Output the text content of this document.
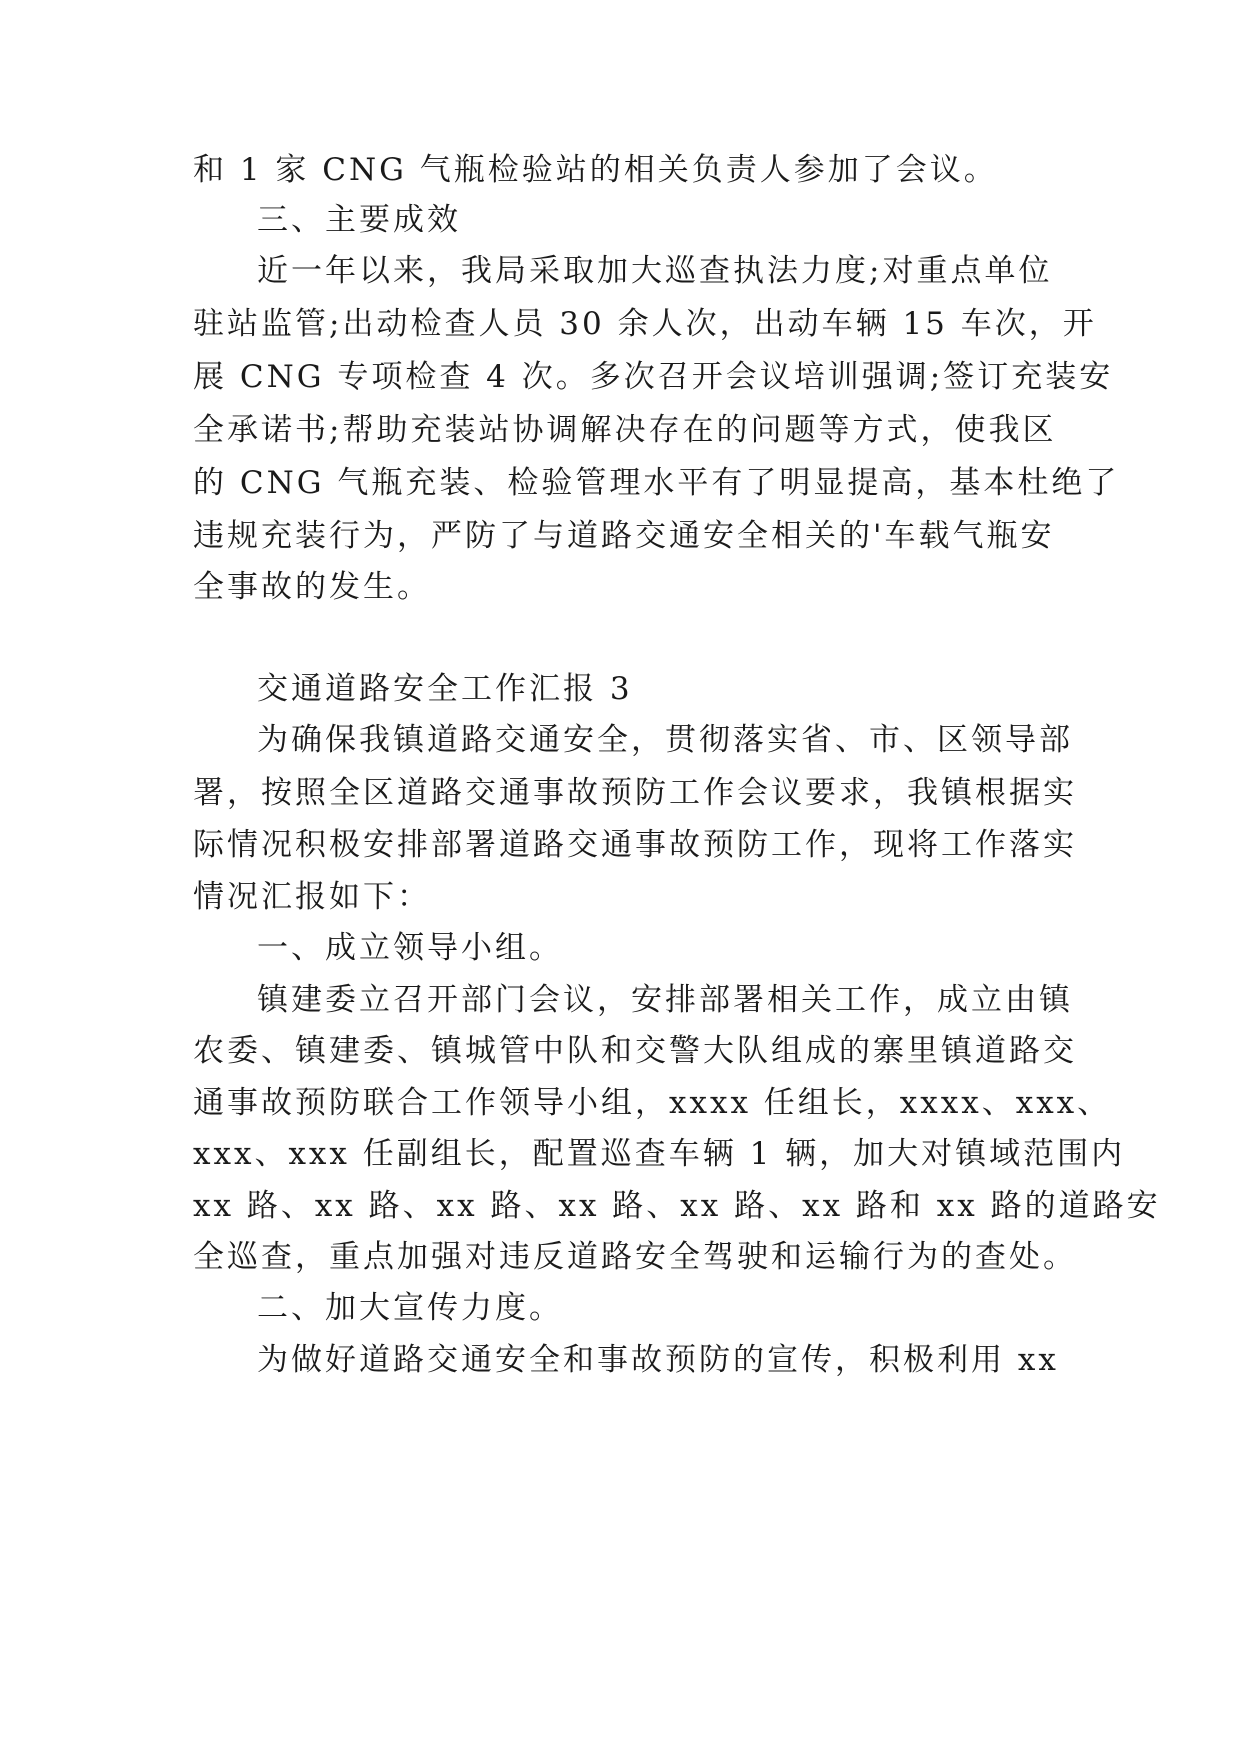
和 1 家 CNG 气瓶检验站的相关负责人参加了会议。
三、主要成效
近一年以来，我局采取加大巡查执法力度;对重点单位
驻站监管;出动检查人员 30 余人次，出动车辆 15 车次，开
展 CNG 专项检查 4 次。多次召开会议培训强调;签订充装安
全承诺书;帮助充装站协调解决存在的问题等方式，使我区
的 CNG 气瓶充装、检验管理水平有了明显提高，基本杜绝了
违规充装行为，严防了与道路交通安全相关的'车载气瓶安
全事故的发生。
交通道路安全工作汇报 3
为确保我镇道路交通安全，贯彻落实省、市、区领导部
署，按照全区道路交通事故预防工作会议要求，我镇根据实
际情况积极安排部署道路交通事故预防工作，现将工作落实
情况汇报如下：
一、成立领导小组。
镇建委立召开部门会议，安排部署相关工作，成立由镇
农委、镇建委、镇城管中队和交警大队组成的寨里镇道路交
通事故预防联合工作领导小组，xxxx 任组长，xxxx、xxx、
xxx、xxx 任副组长，配置巡查车辆 1 辆，加大对镇域范围内
xx 路、xx 路、xx 路、xx 路、xx 路、xx 路和 xx 路的道路安
全巡查，重点加强对违反道路安全驾驶和运输行为的查处。
二、加大宣传力度。
为做好道路交通安全和事故预防的宣传，积极利用 xx
